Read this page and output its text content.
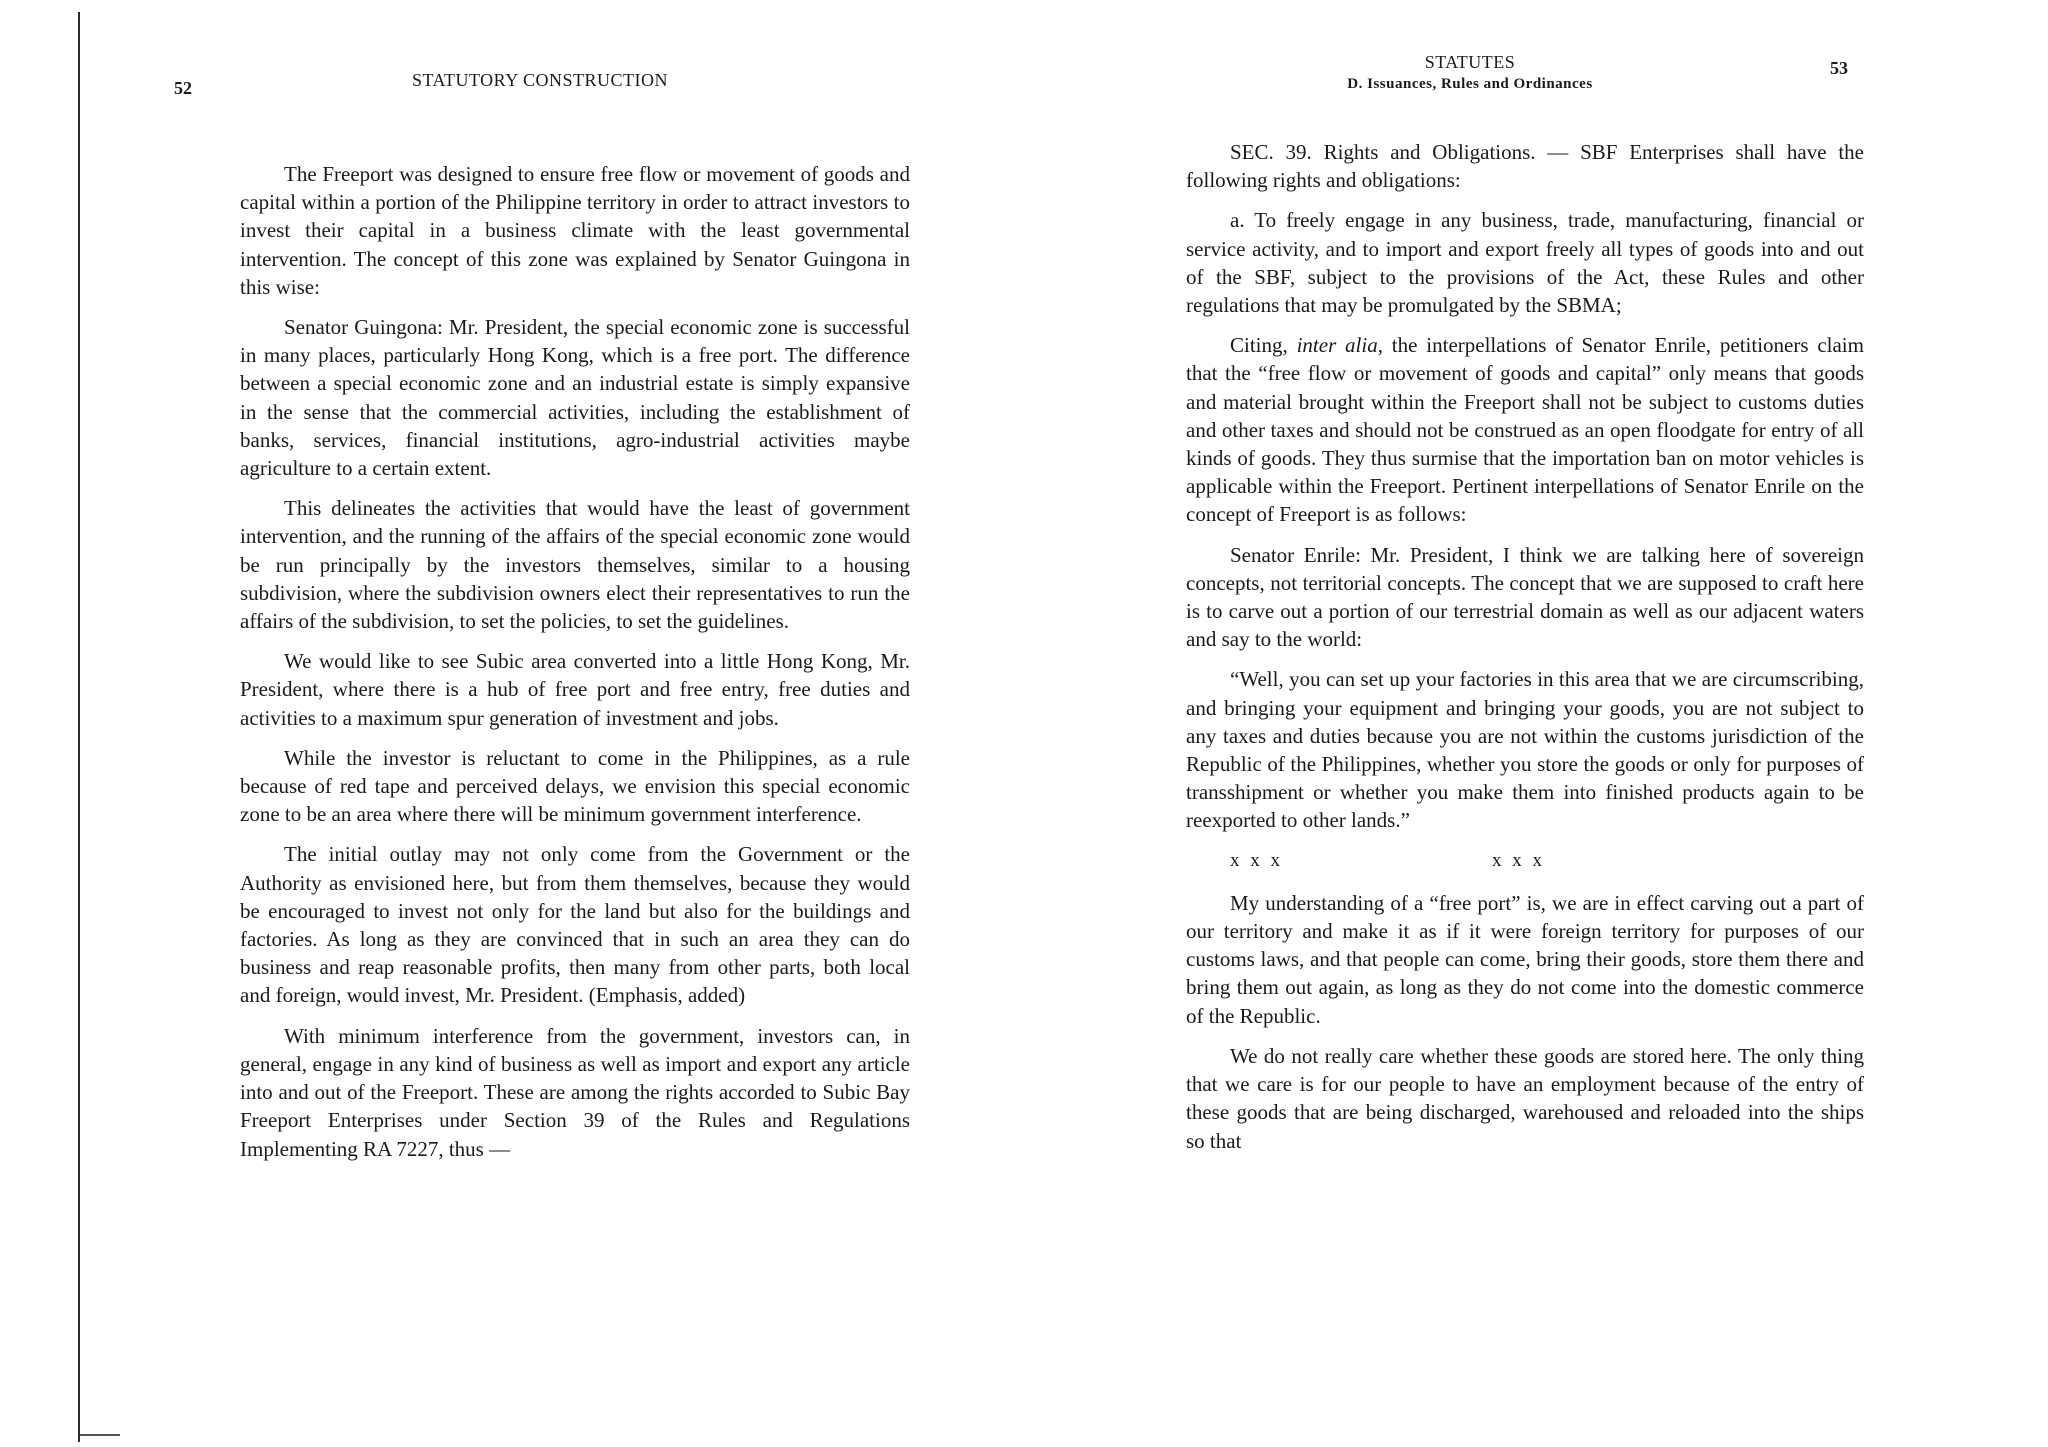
52	STATUTORY CONSTRUCTION

The Freeport was designed to ensure free flow or movement of goods and capital within a portion of the Philippine territory in order to attract investors to invest their capital in a business climate with the least governmental intervention. The concept of this zone was explained by Senator Guingona in this wise:

Senator Guingona: Mr. President, the special economic zone is successful in many places, particularly Hong Kong, which is a free port. The difference between a special economic zone and an industrial estate is simply expansive in the sense that the commercial activities, including the establishment of banks, services, financial institutions, agro-industrial activities maybe agriculture to a certain extent.

This delineates the activities that would have the least of government intervention, and the running of the affairs of the special economic zone would be run principally by the investors themselves, similar to a housing subdivision, where the subdivision owners elect their representatives to run the affairs of the subdivision, to set the policies, to set the guidelines.

We would like to see Subic area converted into a little Hong Kong, Mr. President, where there is a hub of free port and free entry, free duties and activities to a maximum spur generation of investment and jobs.

While the investor is reluctant to come in the Philippines, as a rule because of red tape and perceived delays, we envision this special economic zone to be an area where there will be minimum government interference.

The initial outlay may not only come from the Government or the Authority as envisioned here, but from them themselves, because they would be encouraged to invest not only for the land but also for the buildings and factories. As long as they are convinced that in such an area they can do business and reap reasonable profits, then many from other parts, both local and foreign, would invest, Mr. President. (Emphasis, added)

With minimum interference from the government, investors can, in general, engage in any kind of business as well as import and export any article into and out of the Freeport. These are among the rights accorded to Subic Bay Freeport Enterprises under Section 39 of the Rules and Regulations Implementing RA 7227, thus —

STATUTES
D. Issuances, Rules and Ordinances
53

SEC. 39. Rights and Obligations. — SBF Enterprises shall have the following rights and obligations:

a. To freely engage in any business, trade, manufacturing, financial or service activity, and to import and export freely all types of goods into and out of the SBF, subject to the provisions of the Act, these Rules and other regulations that may be promulgated by the SBMA;

Citing, inter alia, the interpellations of Senator Enrile, petitioners claim that the “free flow or movement of goods and capital” only means that goods and material brought within the Freeport shall not be subject to customs duties and other taxes and should not be construed as an open floodgate for entry of all kinds of goods. They thus surmise that the importation ban on motor vehicles is applicable within the Freeport. Pertinent interpellations of Senator Enrile on the concept of Freeport is as follows:

Senator Enrile: Mr. President, I think we are talking here of sovereign concepts, not territorial concepts. The concept that we are supposed to craft here is to carve out a portion of our terrestrial domain as well as our adjacent waters and say to the world:

“Well, you can set up your factories in this area that we are circumscribing, and bringing your equipment and bringing your goods, you are not subject to any taxes and duties because you are not within the customs jurisdiction of the Republic of the Philippines, whether you store the goods or only for purposes of transshipment or whether you make them into finished products again to be reexported to other lands.”

x x x	x x x

My understanding of a “free port” is, we are in effect carving out a part of our territory and make it as if it were foreign territory for purposes of our customs laws, and that people can come, bring their goods, store them there and bring them out again, as long as they do not come into the domestic commerce of the Republic.

We do not really care whether these goods are stored here. The only thing that we care is for our people to have an employment because of the entry of these goods that are being discharged, warehoused and reloaded into the ships so that
